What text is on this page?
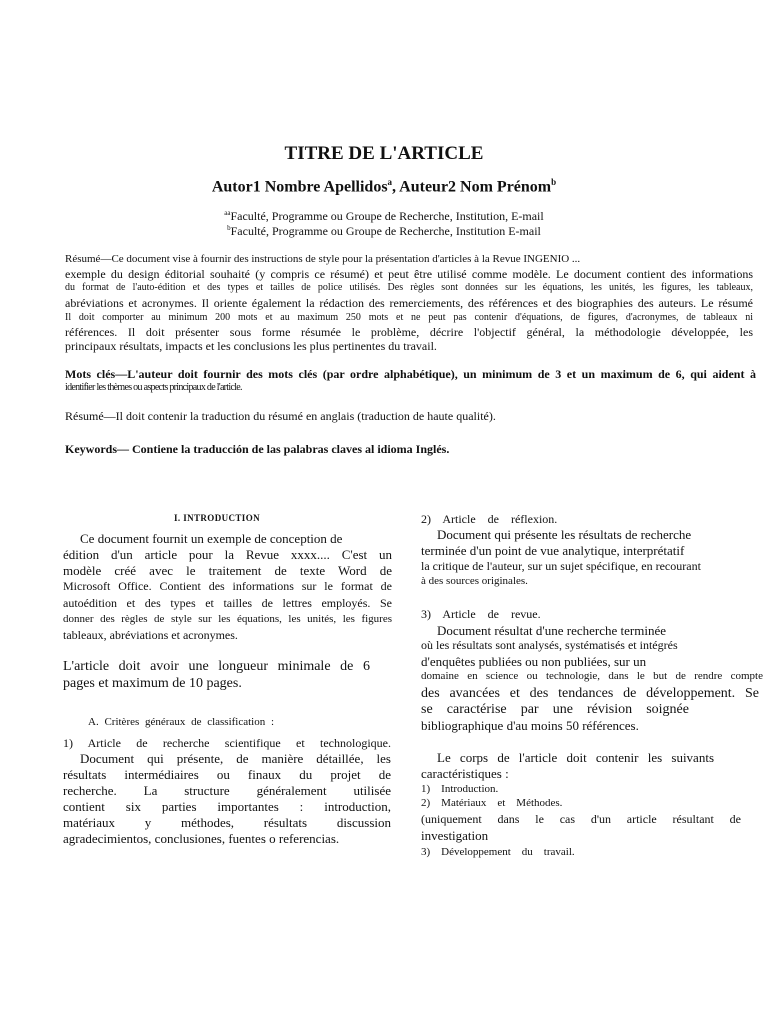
TITRE DE L'ARTICLE
Autor1 Nombre Apellidos$^a$, Auteur2 Nom Prénom$^b$
$^{aa}$Faculté, Programme ou Groupe de Recherche, Institution, E-mail
$^b$Faculté, Programme ou Groupe de Recherche, Institution E-mail
Résumé—Ce document vise à fournir des instructions de style pour la présentation d'articles à la Revue INGENIO ...
exemple du design éditorial souhaité (y compris ce résumé) et peut être utilisé comme modèle. Le document contient des informations
du format de l'auto-édition et des types et tailles de police utilisés. Des règles sont données sur les équations, les unités, les figures, les tableaux,
abréviations et acronymes. Il oriente également la rédaction des remerciements, des références et des biographies des auteurs. Le résumé
Il doit comporter au minimum 200 mots et au maximum 250 mots et ne peut pas contenir d'équations, de figures, d'acronymes, de tableaux ni
références. Il doit présenter sous forme résumée le problème, décrire l'objectif général, la méthodologie développée, les
principaux résultats, impacts et les conclusions les plus pertinentes du travail.
Mots clés—L'auteur doit fournir des mots clés (par ordre alphabétique), un minimum de 3 et un maximum de 6, qui aident à
identifier les thèmes ou aspects principaux de l'article.
Résumé—Il doit contenir la traduction du résumé en anglais (traduction de haute qualité).
Keywords— Contiene la traducción de las palabras claves al idioma Inglés.
I. INTRODUCTION
Ce document fournit un exemple de conception de
édition d'un article pour la Revue xxxx.... C'est un
modèle créé avec le traitement de texte Word de
Microsoft Office. Contient des informations sur le format de
autoédition et des types et tailles de lettres employés. Se
donner des règles de style sur les équations, les unités, les figures
tableaux, abréviations et acronymes.
L'article doit avoir une longueur minimale de 6
pages et maximum de 10 pages.
A. Critères généraux de classification :
1) Article de recherche scientifique et technologique.
Document qui présente, de manière détaillée, les
résultats intermédiaires ou finaux du projet de
recherche. La structure généralement utilisée
contient six parties importantes : introduction,
matériaux y méthodes, résultats discussion
agradecimientos, conclusiones, fuentes o referencias.
2)    Article    de    réflexion.
Document qui présente les résultats de recherche
terminée d'un point de vue analytique, interprétatif
la critique de l'auteur, sur un sujet spécifique, en recourant
à des sources originales.
3)    Article    de    revue.
Document résultat d'une recherche terminée
où les résultats sont analysés, systématisés et intégrés
d'enquêtes publiées ou non publiées, sur un
domaine en science ou technologie, dans le but de rendre compte
des avancées et des tendances de développement. Se
se caractérise par une révision soignée
bibliographique d'au moins 50 références.
Le corps de l'article doit contenir les suivants
caractéristiques :
1)    Introduction.
2)    Matériaux    et    Méthodes.
(uniquement dans le cas d'un article résultant de
investigation
3)    Développement    du    travail.
